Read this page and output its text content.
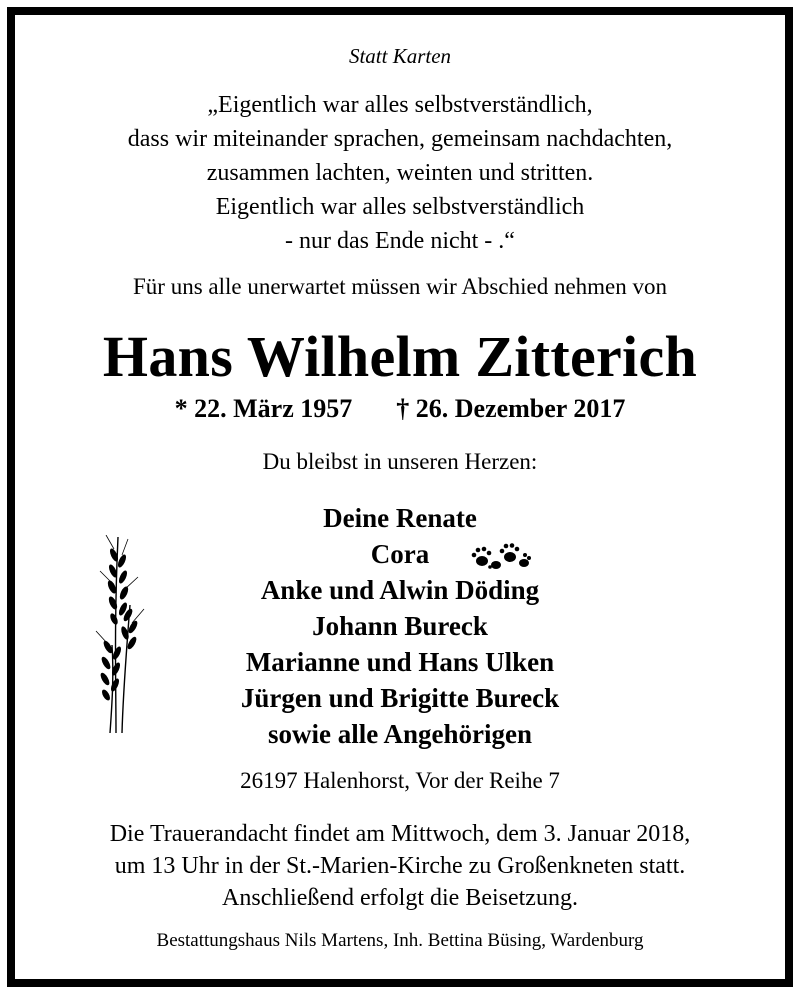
Statt Karten
„Eigentlich war alles selbstverständlich,
dass wir miteinander sprachen, gemeinsam nachdachten,
zusammen lachten, weinten und stritten.
Eigentlich war alles selbstverständlich
- nur das Ende nicht - .“
Für uns alle unerwartet müssen wir Abschied nehmen von
Hans Wilhelm Zitterich
* 22. März 1957 † 26. Dezember 2017
Du bleibst in unseren Herzen:
Deine Renate
Cora
Anke und Alwin Döding
Johann Bureck
Marianne und Hans Ulken
Jürgen und Brigitte Bureck
sowie alle Angehörigen
26197 Halenhorst, Vor der Reihe 7
Die Trauerandacht findet am Mittwoch, dem 3. Januar 2018,
um 13 Uhr in der St.-Marien-Kirche zu Großenkneten statt.
Anschließend erfolgt die Beisetzung.
Bestattungshaus Nils Martens, Inh. Bettina Büsing, Wardenburg
